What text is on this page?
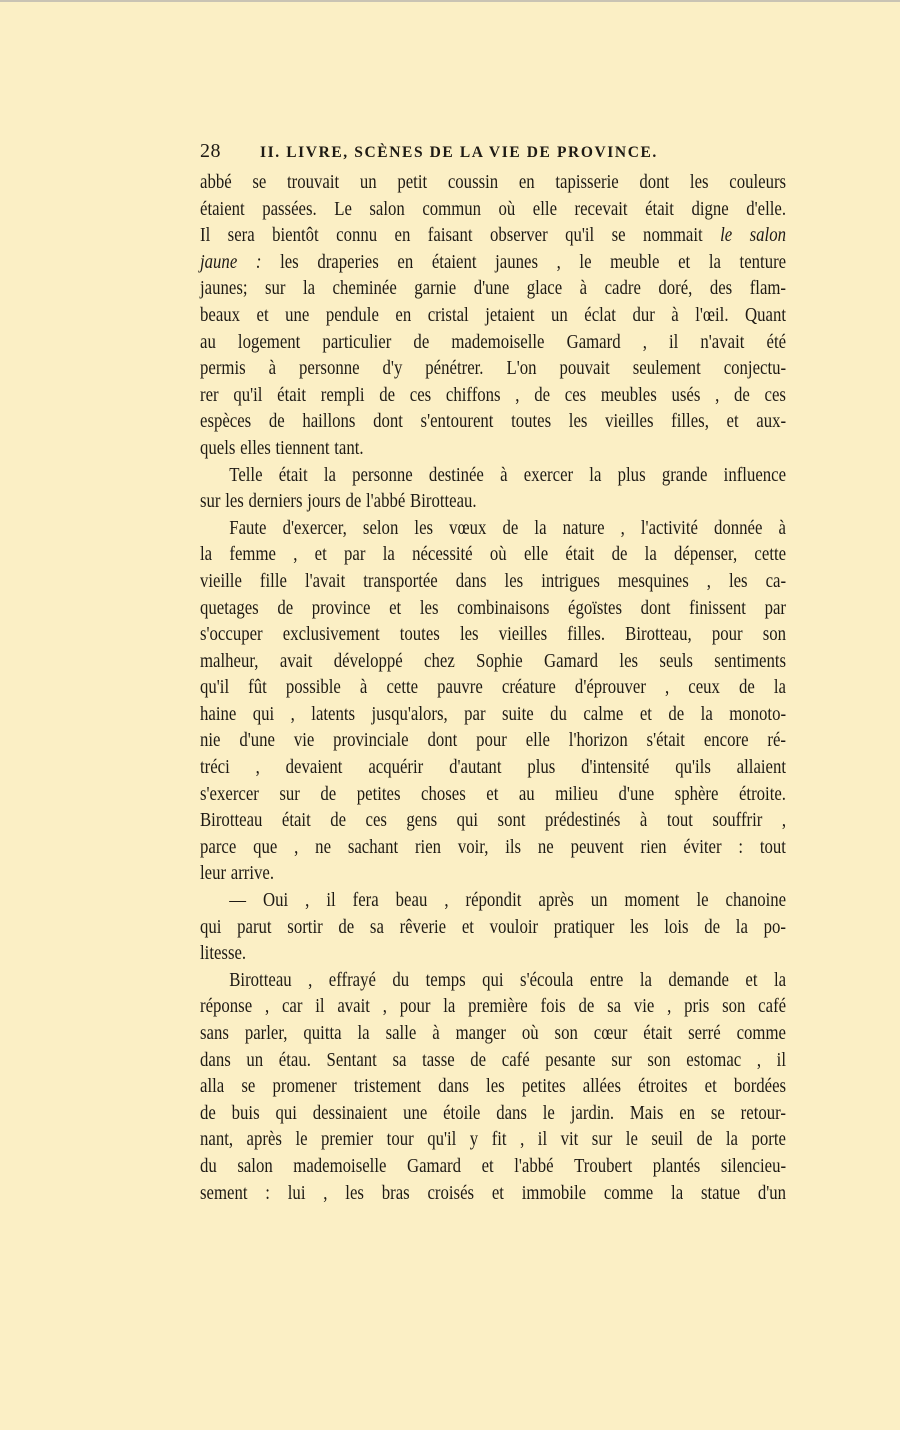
28	II. LIVRE, SCÈNES DE LA VIE DE PROVINCE.
abbé se trouvait un petit coussin en tapisserie dont les couleurs
étaient passées. Le salon commun où elle recevait était digne d'elle.
Il sera bientôt connu en faisant observer qu'il se nommait le salon
jaune : les draperies en étaient jaunes , le meuble et la tenture
jaunes; sur la cheminée garnie d'une glace à cadre doré, des flam-
beaux et une pendule en cristal jetaient un éclat dur à l'œil. Quant
au logement particulier de mademoiselle Gamard , il n'avait été
permis à personne d'y pénétrer. L'on pouvait seulement conjectu-
rer qu'il était rempli de ces chiffons , de ces meubles usés , de ces
espèces de haillons dont s'entourent toutes les vieilles filles, et aux-
quels elles tiennent tant.
Telle était la personne destinée à exercer la plus grande influence
sur les derniers jours de l'abbé Birotteau.
Faute d'exercer, selon les vœux de la nature , l'activité donnée à
la femme , et par la nécessité où elle était de la dépenser, cette
vieille fille l'avait transportée dans les intrigues mesquines , les ca-
quetages de province et les combinaisons égoïstes dont finissent par
s'occuper exclusivement toutes les vieilles filles. Birotteau, pour son
malheur, avait développé chez Sophie Gamard les seuls sentiments
qu'il fût possible à cette pauvre créature d'éprouver , ceux de la
haine qui , latents jusqu'alors, par suite du calme et de la monoto-
nie d'une vie provinciale dont pour elle l'horizon s'était encore ré-
tréci , devaient acquérir d'autant plus d'intensité qu'ils allaient
s'exercer sur de petites choses et au milieu d'une sphère étroite.
Birotteau était de ces gens qui sont prédestinés à tout souffrir ,
parce que , ne sachant rien voir, ils ne peuvent rien éviter : tout
leur arrive.
— Oui , il fera beau , répondit après un moment le chanoine
qui parut sortir de sa rêverie et vouloir pratiquer les lois de la po-
litesse.
Birotteau , effrayé du temps qui s'écoula entre la demande et la
réponse , car il avait , pour la première fois de sa vie , pris son café
sans parler, quitta la salle à manger où son cœur était serré comme
dans un étau. Sentant sa tasse de café pesante sur son estomac , il
alla se promener tristement dans les petites allées étroites et bordées
de buis qui dessinaient une étoile dans le jardin. Mais en se retour-
nant, après le premier tour qu'il y fit , il vit sur le seuil de la porte
du salon mademoiselle Gamard et l'abbé Troubert plantés silencieu-
sement : lui , les bras croisés et immobile comme la statue d'un
